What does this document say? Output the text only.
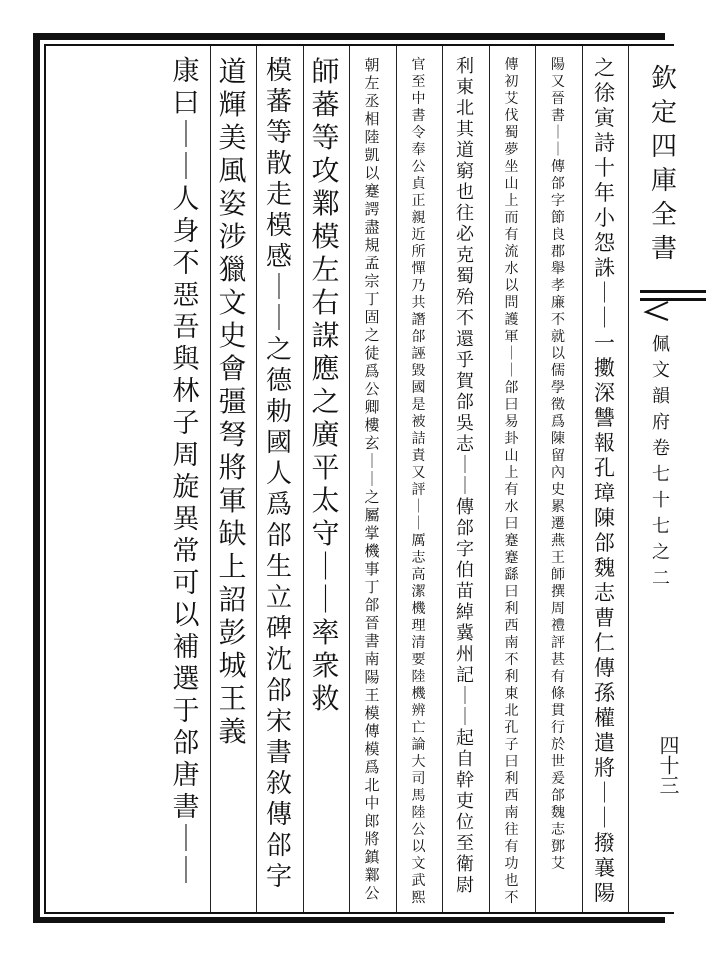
欽
定
四
庫
全
書
佩
文
韻
府
卷
七
十
七
之
二
四十三
之
徐
寅
詩
十
年
小
怨
誅
｜
｜
一
擻
深
讐
報
孔
璋
陳
郃
魏
志
曹
仁
傳
孫
權
遣
將
｜
｜
撥
襄
陽
陽
又
晉
書
｜
｜
傳
郃
字
節
良
郡
舉
孝
廉
不
就
以
儒
學
徵
爲
陳
留
內
史
累
遷
燕
王
師
撰
周
禮
評
甚
有
條
貫
行
於
世
爰
郃
魏
志
鄧
艾
傳
初
艾
伐
蜀
夢
坐
山
上
而
有
流
水
以
問
護
軍
｜
｜
郃
曰
易
卦
山
上
有
水
曰
蹇
蹇
繇
曰
利
西
南
不
利
東
北
孔
子
曰
利
西
南
往
有
功
也
不
利
東
北
其
道
窮
也
往
必
克
蜀
殆
不
還
乎
賀
郃
吳
志
｜
｜
傳
郃
字
伯
苗
綽
冀
州
記
｜
｜
起
自
幹
吏
位
至
衛
尉
官
至
中
書
令
奉
公
貞
正
親
近
所
憚
乃
共
譖
郃
誣
毀
國
是
被
詰
責
又
評
｜
｜
厲
志
高
潔
機
理
清
要
陸
機
辨
亡
論
大
司
馬
陸
公
以
文
武
熙
朝
左
丞
相
陸
凱
以
蹇
諤
盡
規
孟
宗
丁
固
之
徒
爲
公
卿
樓
玄
｜
｜
之
屬
掌
機
事
丁
郃
晉
書
南
陽
王
模
傳
模
爲
北
中
郎
將
鎮
鄴
公
師
蕃
等
攻
鄴
模
左
右
謀
應
之
廣
平
太
守
｜
｜
率
衆
救
模
蕃
等
散
走
模
感
｜
｜
之
德
勅
國
人
爲
郃
生
立
碑
沈
郃
宋
書
敘
傳
郃
字
道
輝
美
風
姿
涉
獵
文
史
會
彊
弩
將
軍
缺
上
詔
彭
城
王
義
康
曰
｜
｜
人
身
不
惡
吾
與
林
子
周
旋
異
常
可
以
補
選
于
郃
唐
書
｜
｜
